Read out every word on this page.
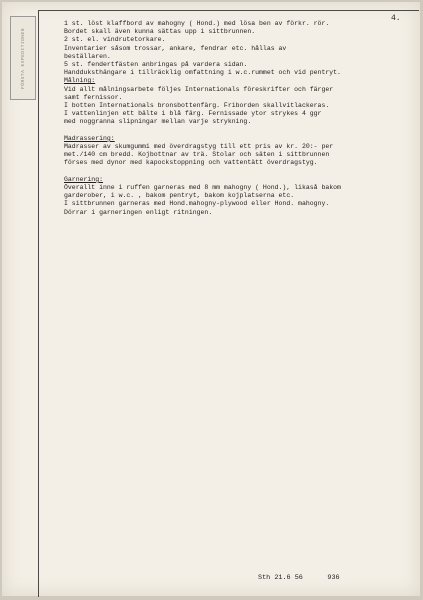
FÖRSTA EXPEDITIONEN
4.
1 st. löst klaffbord av mahogny ( Hond.) med lösa ben av förkr. rör.
Bordet skall även kunna sättas upp i sittbrunnen.
2 st. el. vindrutetorkare.
Inventarier såsom trossar, ankare, fendrar etc. hållas av
beställaren.
5 st. fendertfästen anbringas på vardera sidan.
Handduksthängare i tillräcklig omfattning i w.c.rummet och vid pentryt.
Målning:
Vid allt målningsarbete följes Internationals föreskrifter och färger
samt fernissor.
I botten Internationals bronsbottenfärg. Friborden skallvitlackeras.
I vattenlinjen ett bälte i blå färg. Fernissade ytor strykes 4 ggr
med noggranna slipningar mellan varje strykning.
Madrassering:
Madrasser av skumgummi med överdragstyg till ett pris av kr. 20:- per
met./140 cm bredd. Kojbottnar av trä. Stolar och säten i sittbrunnen
förses med dynor med kapockstoppning och vattentätt överdragstyg.
Garnering:
Överallt inne i ruffen garneras med 8 mm mahogny ( Hond.), likaså bakom
garderober, i w.c. , bakom pentryt, bakom kojplatserna etc.
I sittbrunnen garneras med Hond.mahogny-plywood eller Hond. mahogny.
Dörrar i garneringen enligt ritningen.
Sth 21.6 56	936
